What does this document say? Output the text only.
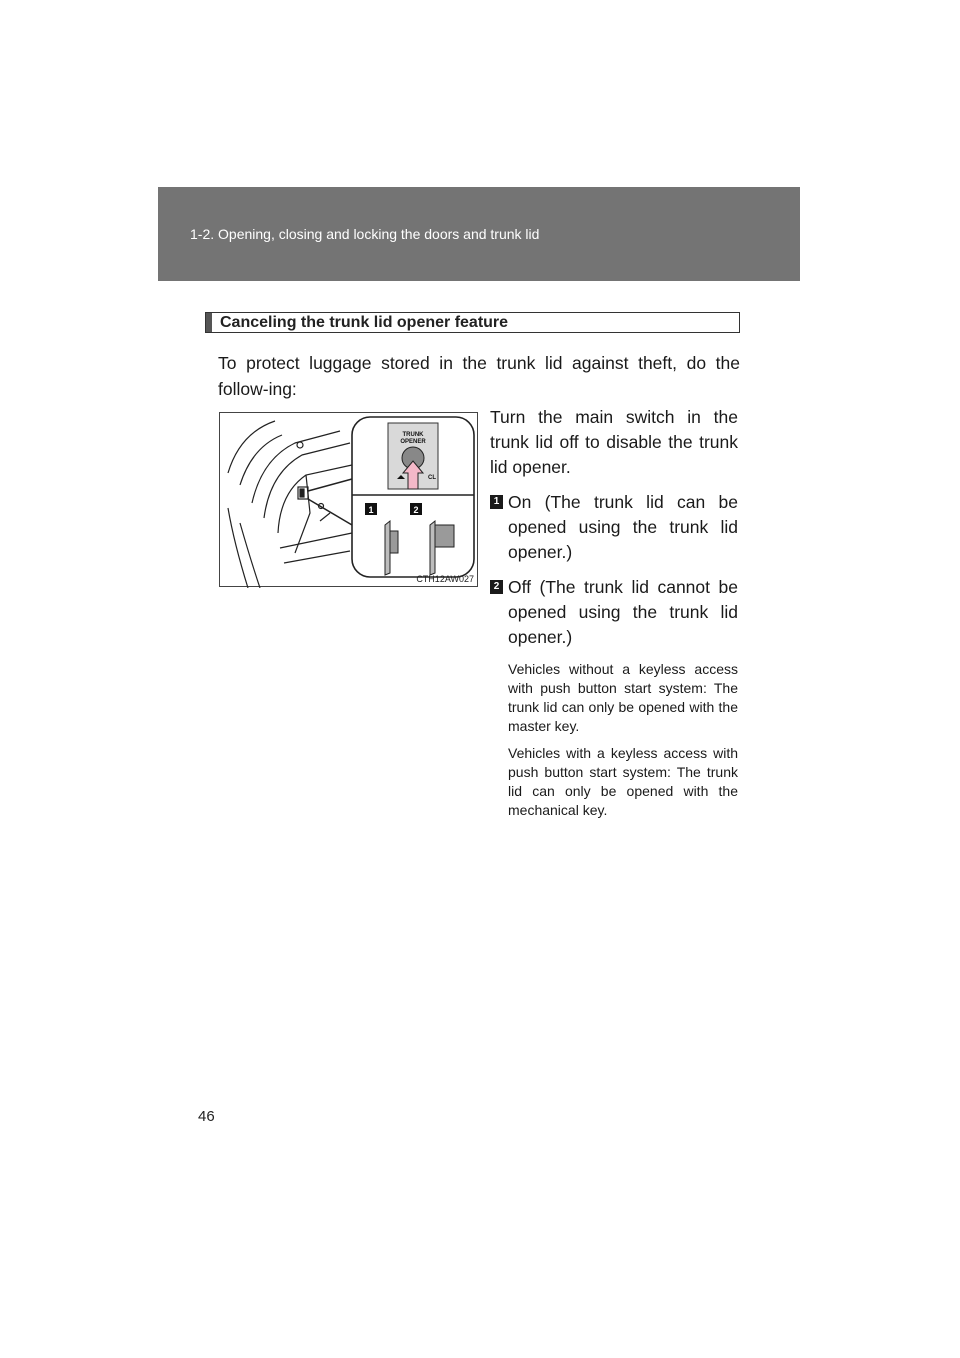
1-2. Opening, closing and locking the doors and trunk lid
Canceling the trunk lid opener feature
To protect luggage stored in the trunk lid against theft, do the follow-ing:
TRUNK
OPENER
CL
1	2
CTH12AW027
Turn the main switch in the trunk lid off to disable the trunk lid opener.
1 On (The trunk lid can be opened using the trunk lid opener.)
2 Off (The trunk lid cannot be opened using the trunk lid opener.)
Vehicles without a keyless access with push button start system: The trunk lid can only be opened with the master key.
Vehicles with a keyless access with push button start system: The trunk lid can only be opened with the mechanical key.
46
